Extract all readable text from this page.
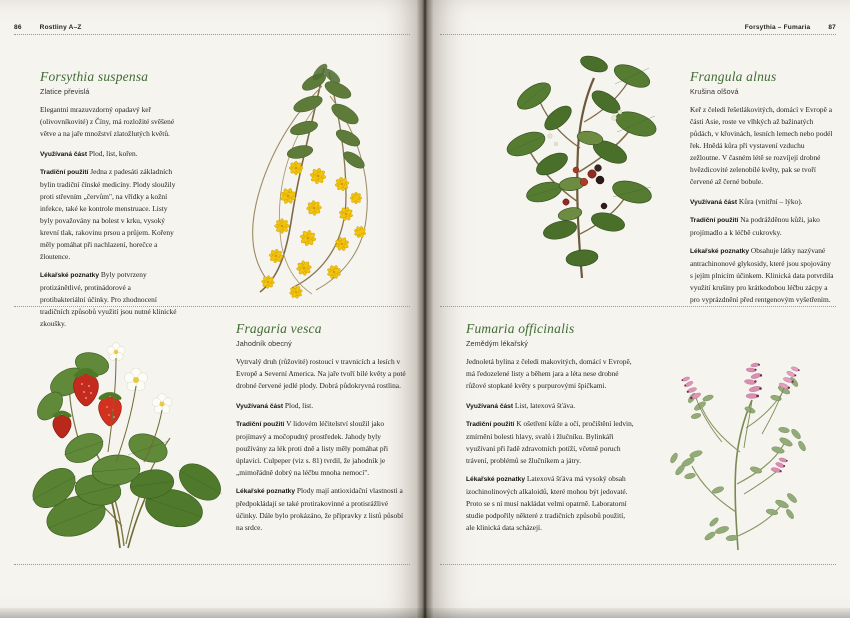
86	Rostliny A–Z	Forsythia – Fumaria	87
Forsythia suspensa
Zlatice převislá
Elegantní mrazuvzdorný opadavý keř (olivovníkovité) z Číny, má rozložité svěšené větve a na jaře množství zlatožlutých květů.

Využívaná část Plod, list, kořen.

Tradiční použití Jedna z padesáti základních bylin tradiční čínské medicíny. Plody sloužily proti střevním „červům", na vřídky a kožní infekce, také ke kontrole menstruace. Listy byly považovány na bolest v krku, vysoký krevní tlak, rakovinu prsou a průjem. Kořeny měly pomáhat při nachlazení, horečce a žloutence.

Lékařské poznatky Byly potvrzeny protizánětlivé, protinádorové a protibakteriální účinky. Pro zhodnocení tradičních způsobů využití jsou nutné klinické zkoušky.

Frangula alnus
Krušina olšová
Keř z čeledi řešetlákovitých, domácí v Evropě a části Asie, roste ve vlhkých až bažinatých půdách, v křovinách, lesních lemech nebo podél řek. Hnědá kůra při vystavení vzduchu zežloutne. V časném létě se rozvíjejí drobné hvězdicovité zelenobílé květy, pak se tvoří červené až černé bobule.

Využívaná část Kůra (vnitřní – lýko).

Tradiční použití Na podrážděnou kůži, jako projímadlo a k léčbě cukrovky.

Lékařské poznatky Obsahuje látky nazývané antrachinonové glykosidy, které jsou spojovány s jejím plnicím účinkem. Klinická data potvrdila využití krušiny pro krátkodobou léčbu zácpy a pro vyprázdnění před rentgenovým vyšetřením.

Fragaria vesca
Jahodník obecný
Vytrvalý druh (růžovité) rostoucí v travnicích a lesích v Evropě a Severní America. Na jaře tvoří bílé květy a poté drobné červené jedlé plody. Dobrá půdokryvná rostlina.

Využívaná část Plod, list.

Tradiční použití V lidovém léčitelství sloužil jako projímavý a močopudný prostředek. Jahody byly používány za lék proti dně a listy měly pomáhat při úplavici. Culpeper (viz s. 81) tvrdil, že jahodník je „mimořádně dobrý na léčbu mnoha nemocí".

Lékařské poznatky Plody mají antioxidační vlastnosti a předpokládají se také protirakovinné a protisrážlivé účinky. Dále bylo prokázáno, že přípravky z listů působí na srdce.

Fumaria officinalis
Zemědým lékařský
Jednoletá bylina z čeledi makovitých, domácí v Evropě, má ľedozelené listy a během jara a léta nese drobné růžové stopkaté květy s purpurovými špičkami.

Využívaná část List, latexová šťáva.

Tradiční použití K ošetření kůže a očí, pročištění ledvin, zmírnění bolesti hlavy, svalů i žlučníku. Bylinkáři využívaní při řadě zdravotních potíží, včetně poruch trávení, problémů se žlučníkem a játry.

Lékařské poznatky Latexová šťáva má vysoký obsah izochinolinových alkaloidů, které mohou být jedovaté. Proto se s ní musí nakládat velmi opatrně. Laboratorní studie podpořily některé z tradičních způsobů použití, ale klinická data scházejí.
